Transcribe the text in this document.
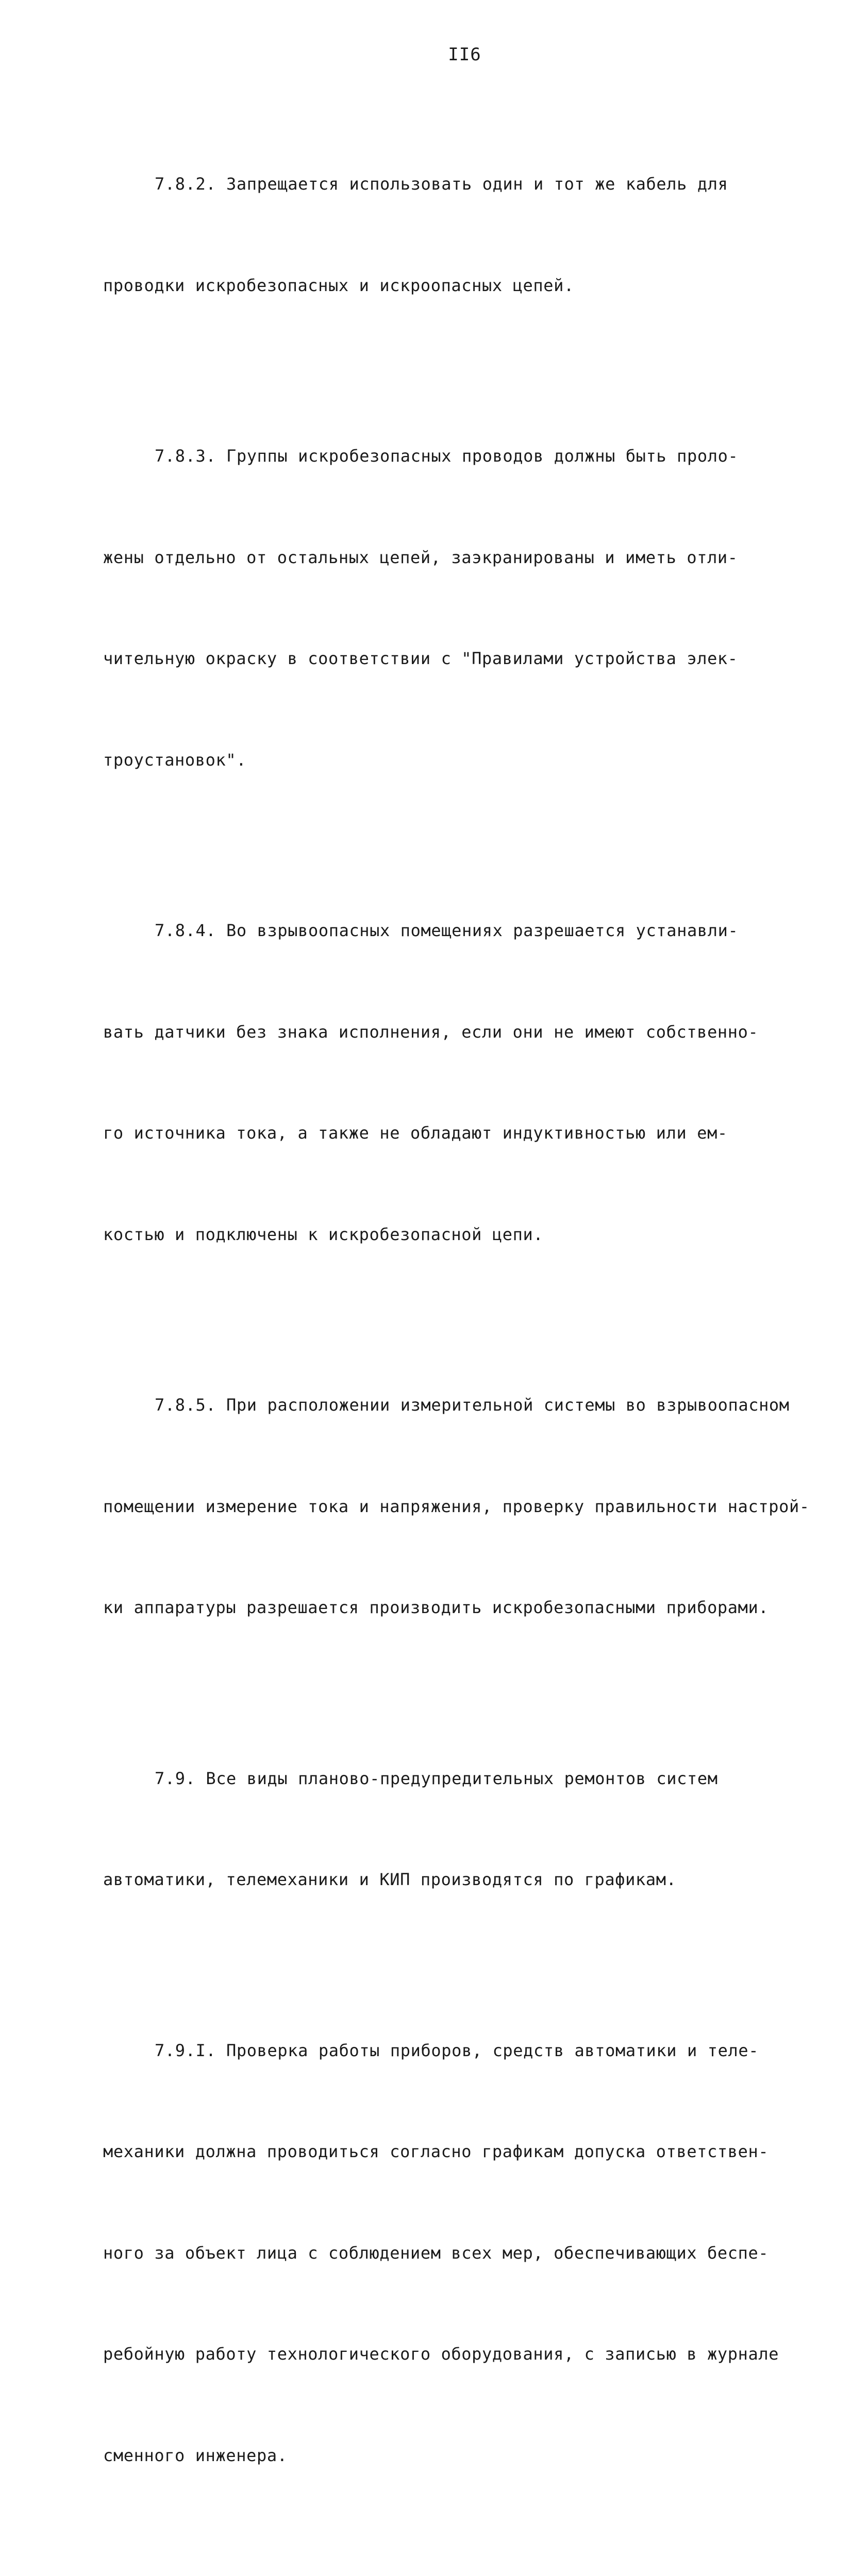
II6

7.8.2. Запрещается использовать один и тот же кабель для

проводки искробезопасных и искроопасных цепей.

7.8.3. Группы искробезопасных проводов должны быть проло-

жены отдельно от остальных цепей, заэкранированы и иметь отли-

чительную окраску в соответствии с "Правилами устройства элек-

троустановок".

7.8.4. Во взрывоопасных помещениях разрешается устанавли-

вать датчики без знака исполнения, если они не имеют собственно-

го источника тока, а также не обладают индуктивностью или ем-

костью и подключены к искробезопасной цепи.

7.8.5. При расположении измерительной системы во взрывоопасном

помещении измерение тока и напряжения, проверку правильности настрой-

ки аппаратуры разрешается производить искробезопасными приборами.

7.9. Все виды планово-предупредительных ремонтов систем

автоматики, телемеханики и КИП производятся по графикам.

7.9.I. Проверка работы приборов, средств автоматики и теле-

механики должна проводиться согласно графикам допуска ответствен-

ного за объект лица с соблюдением всех мер, обеспечивающих беспе-

ребойную работу технологического оборудования, с записью в журнале

сменного инженера.
